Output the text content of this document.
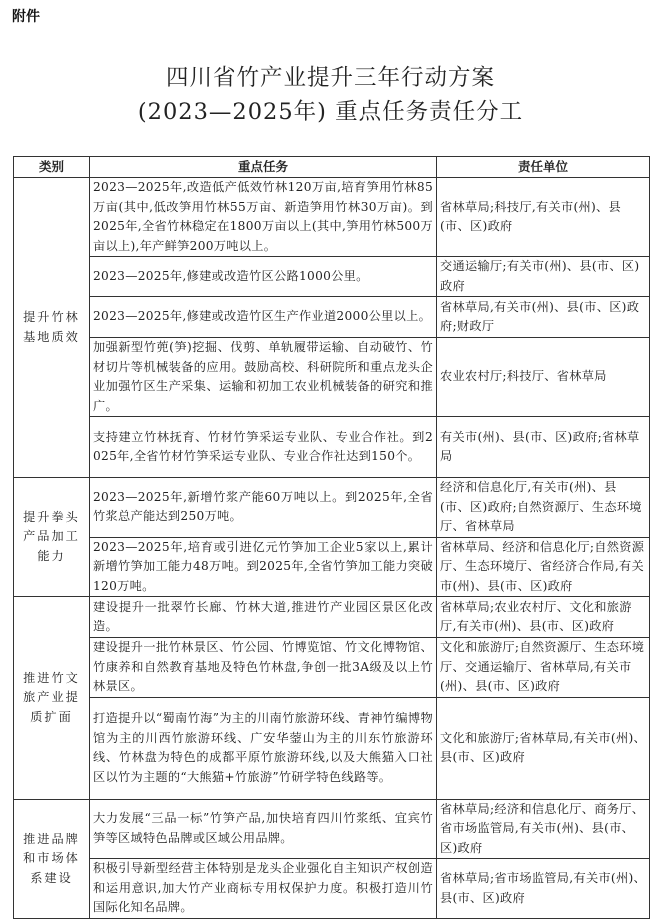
附件
四川省竹产业提升三年行动方案
(2023—2025年) 重点任务责任分工
类别	重点任务	责任单位
提升竹林基地质效	2023—2025年,改造低产低效竹林120万亩,培育笋用竹林85万亩(其中,低改笋用竹林55万亩、新造笋用竹林30万亩)。到2025年,全省竹林稳定在1800万亩以上(其中,笋用竹林500万亩以上),年产鲜笋200万吨以上。	省林草局;科技厅,有关市(州)、县(市、区)政府
	2023—2025年,修建或改造竹区公路1000公里。	交通运输厅;有关市(州)、县(市、区)政府
	2023—2025年,修建或改造竹区生产作业道2000公里以上。	省林草局,有关市(州)、县(市、区)政府;财政厅
	加强新型竹蔸(笋)挖掘、伐剪、单轨履带运输、自动破竹、竹材切片等机械装备的应用。鼓励高校、科研院所和重点龙头企业加强竹区生产采集、运输和初加工农业机械装备的研究和推广。	农业农村厅;科技厅、省林草局
	支持建立竹林抚育、竹材竹笋采运专业队、专业合作社。到2025年,全省竹材竹笋采运专业队、专业合作社达到150个。	有关市(州)、县(市、区)政府;省林草局
提升拳头产品加工能力	2023—2025年,新增竹浆产能60万吨以上。到2025年,全省竹浆总产能达到250万吨。	经济和信息化厅,有关市(州)、县(市、区)政府;自然资源厅、生态环境厅、省林草局
	2023—2025年,培育或引进亿元竹笋加工企业5家以上,累计新增竹笋加工能力48万吨。到2025年,全省竹笋加工能力突破120万吨。	省林草局、经济和信息化厅;自然资源厅、生态环境厅、省经济合作局,有关市(州)、县(市、区)政府
推进竹文旅产业提质扩面	建设提升一批翠竹长廊、竹林大道,推进竹产业园区景区化改造。	省林草局;农业农村厅、文化和旅游厅,有关市(州)、县(市、区)政府
	建设提升一批竹林景区、竹公园、竹博览馆、竹文化博物馆、竹康养和自然教育基地及特色竹林盘,争创一批3A级及以上竹林景区。	文化和旅游厅;自然资源厅、生态环境厅、交通运输厅、省林草局,有关市(州)、县(市、区)政府
	打造提升以“蜀南竹海”为主的川南竹旅游环线、青神竹编博物馆为主的川西竹旅游环线、广安华蓥山为主的川东竹旅游环线、竹林盘为特色的成都平原竹旅游环线,以及大熊猫入口社区以竹为主题的“大熊猫+竹旅游”竹研学特色线路等。	文化和旅游厅;省林草局,有关市(州)、县(市、区)政府
推进品牌和市场体系建设	大力发展“三品一标”竹笋产品,加快培育四川竹浆纸、宜宾竹笋等区域特色品牌或区域公用品牌。	省林草局;经济和信息化厅、商务厅、省市场监管局,有关市(州)、县(市、区)政府
	积极引导新型经营主体特别是龙头企业强化自主知识产权创造和运用意识,加大竹产业商标专用权保护力度。积极打造川竹国际化知名品牌。	省林草局;省市场监管局,有关市(州)、县(市、区)政府
